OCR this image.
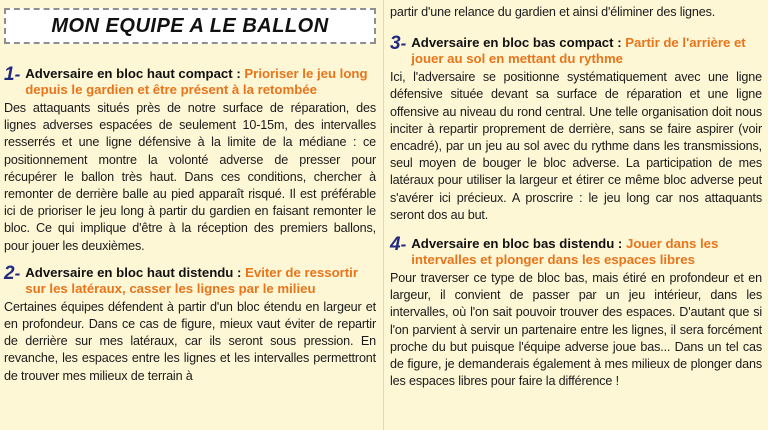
MON EQUIPE A LE BALLON
1- Adversaire en bloc haut compact : Prioriser le jeu long depuis le gardien et être présent à la retombée
Des attaquants situés près de notre surface de réparation, des lignes adverses espacées de seulement 10-15m, des intervalles resserrés et une ligne défensive à la limite de la médiane : ce positionnement montre la volonté adverse de presser pour récupérer le ballon très haut. Dans ces conditions, chercher à remonter de derrière balle au pied apparaît risqué. Il est préférable ici de prioriser le jeu long à partir du gardien en faisant remonter le bloc. Ce qui implique d'être à la réception des premiers ballons, pour jouer les deuxièmes.
2- Adversaire en bloc haut distendu : Eviter de ressortir sur les latéraux, casser les lignes par le milieu
Certaines équipes défendent à partir d'un bloc étendu en largeur et en profondeur. Dans ce cas de figure, mieux vaut éviter de repartir de derrière sur mes latéraux, car ils seront sous pression. En revanche, les espaces entre les lignes et les intervalles permettront de trouver mes milieux de terrain à
partir d'une relance du gardien et ainsi d'éliminer des lignes.
3- Adversaire en bloc bas compact : Partir de l'arrière et jouer au sol en mettant du rythme
Ici, l'adversaire se positionne systématiquement avec une ligne défensive située devant sa surface de réparation et une ligne offensive au niveau du rond central. Une telle organisation doit nous inciter à repartir proprement de derrière, sans se faire aspirer (voir encadré), par un jeu au sol avec du rythme dans les transmissions, seul moyen de bouger le bloc adverse. La participation de mes latéraux pour utiliser la largeur et étirer ce même bloc adverse peut s'avérer ici précieux. A proscrire : le jeu long car nos attaquants seront dos au but.
4- Adversaire en bloc bas distendu : Jouer dans les intervalles et plonger dans les espaces libres
Pour traverser ce type de bloc bas, mais étiré en profondeur et en largeur, il convient de passer par un jeu intérieur, dans les intervalles, où l'on sait pouvoir trouver des espaces. D'autant que si l'on parvient à servir un partenaire entre les lignes, il sera forcément proche du but puisque l'équipe adverse joue bas... Dans un tel cas de figure, je demanderais également à mes milieux de plonger dans les espaces libres pour faire la différence !
